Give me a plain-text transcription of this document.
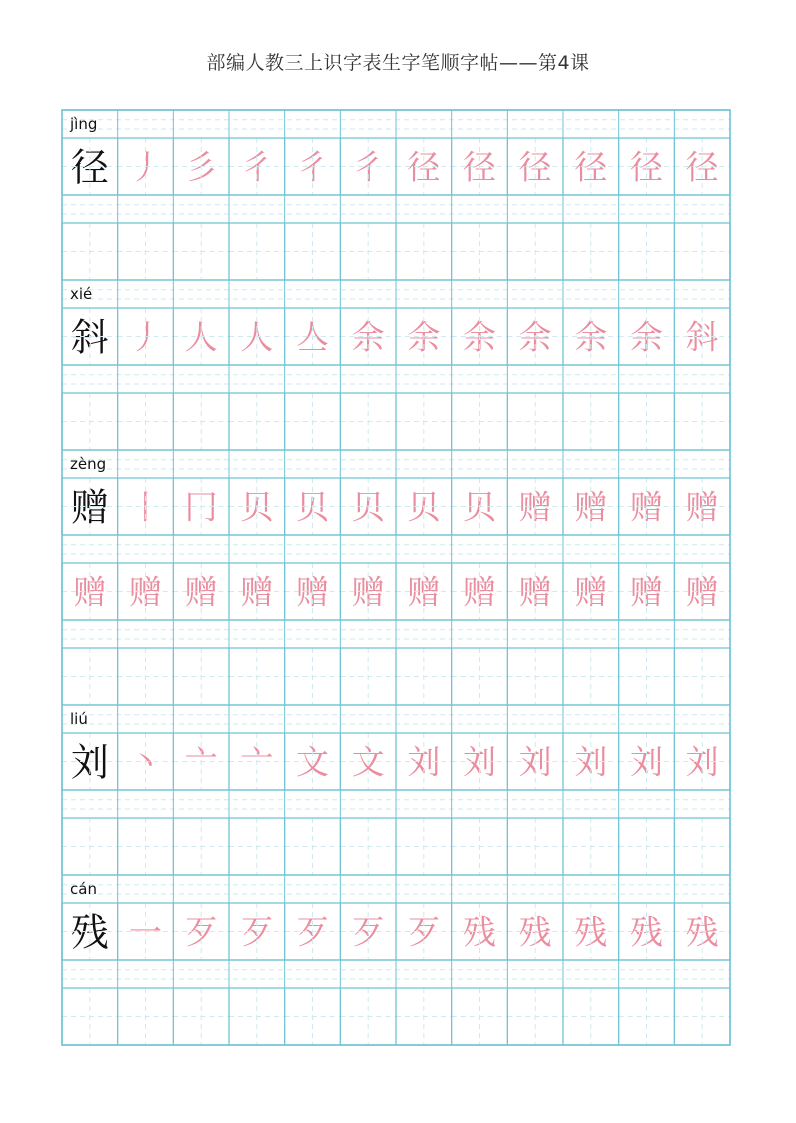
部编人教三上识字表生字笔顺字帖——第4课
jìng
径 丿 彡 彳 彳 彳 径 径 径 径 径 径
xié
斜 丿 人 人 亼 余 余 余 余 余 余 斜
zèng
赠 丨 冂 贝 贝 贝 贝 贝 赠 赠 赠 赠
赠 赠 赠 赠 赠 赠 赠 赠 赠 赠 赠 赠
liú
刘 丶 亠 亠 文 文 刘 刘 刘 刘 刘 刘
cán
残 一 歹 歹 歹 歹 歹 残 残 残 残 残
